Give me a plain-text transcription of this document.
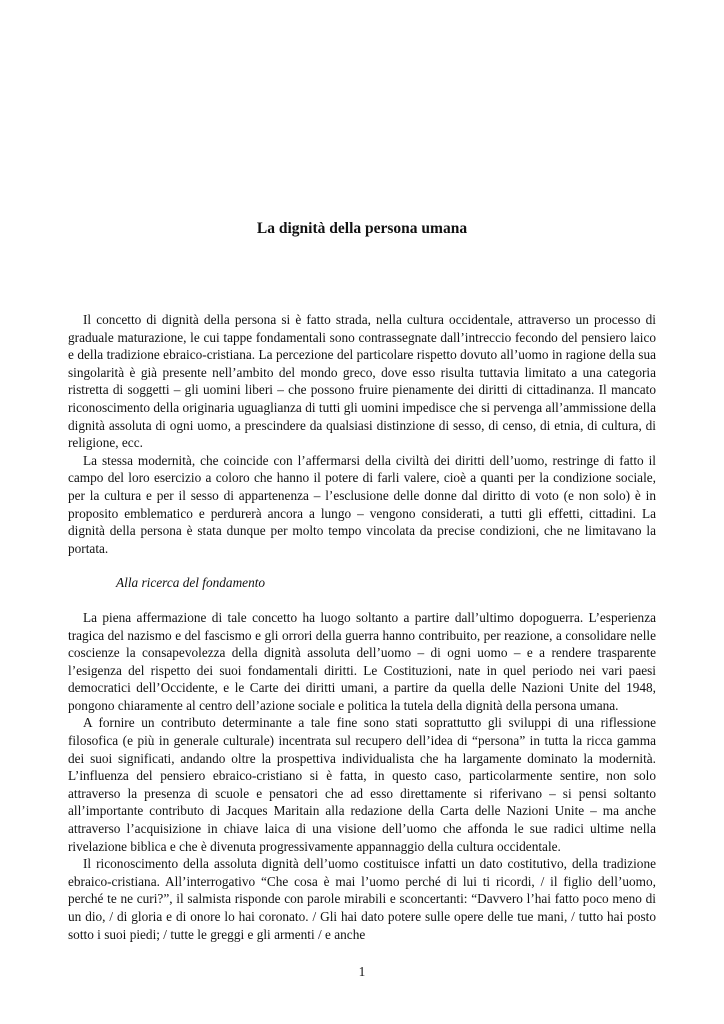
La dignità della persona umana

Il concetto di dignità della persona si è fatto strada, nella cultura occidentale, attraverso un processo di graduale maturazione, le cui tappe fondamentali sono contrassegnate dall’intreccio fecondo del pensiero laico e della tradizione ebraico-cristiana. La percezione del particolare rispetto dovuto all’uomo in ragione della sua singolarità è già presente nell’ambito del mondo greco, dove esso risulta tuttavia limitato a una categoria ristretta di soggetti – gli uomini liberi – che possono fruire pienamente dei diritti di cittadinanza. Il mancato riconoscimento della originaria uguaglianza di tutti gli uomini impedisce che si pervenga all’ammissione della dignità assoluta di ogni uomo, a prescindere da qualsiasi distinzione di sesso, di censo, di etnia, di cultura, di religione, ecc.

La stessa modernità, che coincide con l’affermarsi della civiltà dei diritti dell’uomo, restringe di fatto il campo del loro esercizio a coloro che hanno il potere di farli valere, cioè a quanti per la condizione sociale, per la cultura e per il sesso di appartenenza – l’esclusione delle donne dal diritto di voto (e non solo) è in proposito emblematico e perdurerà ancora a lungo – vengono considerati, a tutti gli effetti, cittadini. La dignità della persona è stata dunque per molto tempo vincolata da precise condizioni, che ne limitavano la portata.

Alla ricerca del fondamento

La piena affermazione di tale concetto ha luogo soltanto a partire dall’ultimo dopoguerra. L’esperienza tragica del nazismo e del fascismo e gli orrori della guerra hanno contribuito, per reazione, a consolidare nelle coscienze la consapevolezza della dignità assoluta dell’uomo – di ogni uomo – e a rendere trasparente l’esigenza del rispetto dei suoi fondamentali diritti. Le Costituzioni, nate in quel periodo nei vari paesi democratici dell’Occidente, e le Carte dei diritti umani, a partire da quella delle Nazioni Unite del 1948, pongono chiaramente al centro dell’azione sociale e politica la tutela della dignità della persona umana.

A fornire un contributo determinante a tale fine sono stati soprattutto gli sviluppi di una riflessione filosofica (e più in generale culturale) incentrata sul recupero dell’idea di “persona” in tutta la ricca gamma dei suoi significati, andando oltre la prospettiva individualista che ha largamente dominato la modernità. L’influenza del pensiero ebraico-cristiano si è fatta, in questo caso, particolarmente sentire, non solo attraverso la presenza di scuole e pensatori che ad esso direttamente si riferivano – si pensi soltanto all’importante contributo di Jacques Maritain alla redazione della Carta delle Nazioni Unite – ma anche attraverso l’acquisizione in chiave laica di una visione dell’uomo che affonda le sue radici ultime nella rivelazione biblica e che è divenuta progressivamente appannaggio della cultura occidentale.

Il riconoscimento della assoluta dignità dell’uomo costituisce infatti un dato costitutivo, della tradizione ebraico-cristiana. All’interrogativo “Che cosa è mai l’uomo perché di lui ti ricordi, / il figlio dell’uomo, perché te ne curi?”, il salmista risponde con parole mirabili e sconcertanti: “Davvero l’hai fatto poco meno di un dio, / di gloria e di onore lo hai coronato. / Gli hai dato potere sulle opere delle tue mani, / tutto hai posto sotto i suoi piedi; / tutte le greggi e gli armenti / e anche

1
